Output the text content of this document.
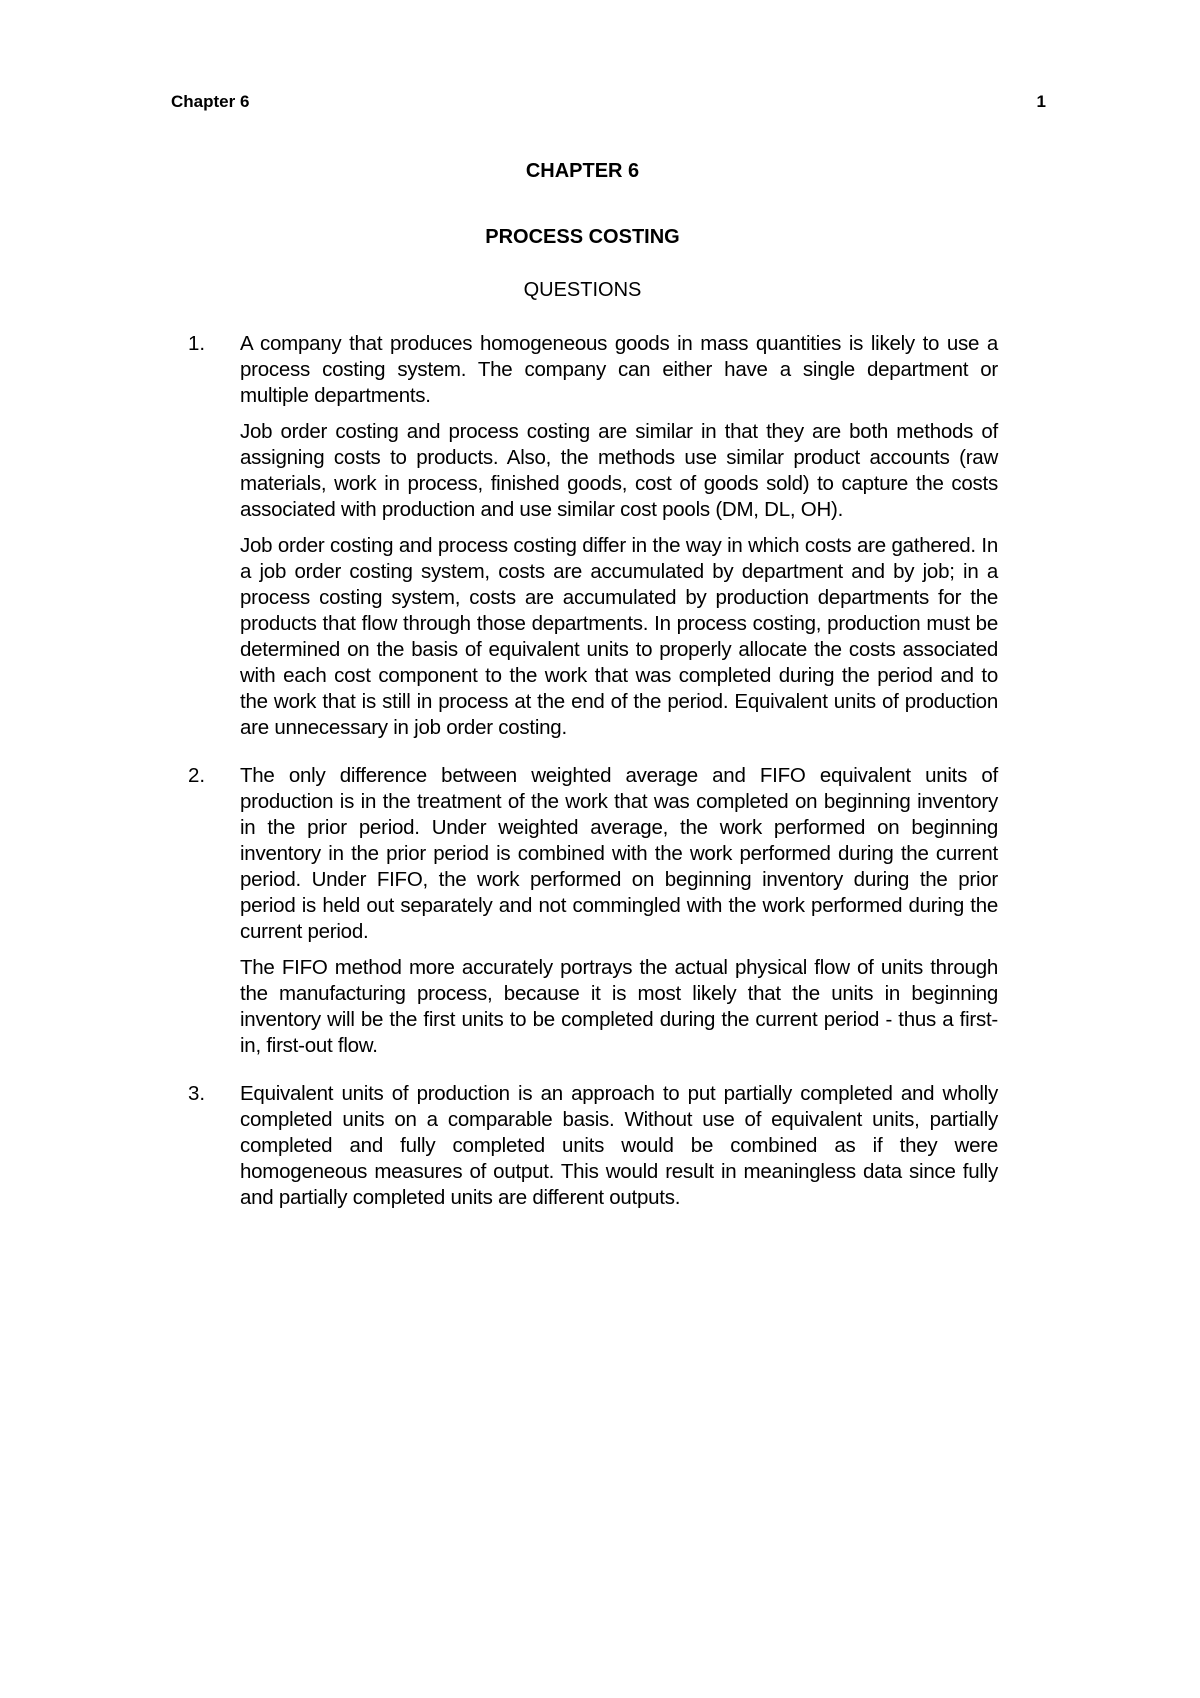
Chapter 6	1
CHAPTER 6
PROCESS COSTING
QUESTIONS
1. A company that produces homogeneous goods in mass quantities is likely to use a process costing system. The company can either have a single department or multiple departments.

Job order costing and process costing are similar in that they are both methods of assigning costs to products. Also, the methods use similar product accounts (raw materials, work in process, finished goods, cost of goods sold) to capture the costs associated with production and use similar cost pools (DM, DL, OH).

Job order costing and process costing differ in the way in which costs are gathered. In a job order costing system, costs are accumulated by department and by job; in a process costing system, costs are accumulated by production departments for the products that flow through those departments. In process costing, production must be determined on the basis of equivalent units to properly allocate the costs associated with each cost component to the work that was completed during the period and to the work that is still in process at the end of the period. Equivalent units of production are unnecessary in job order costing.

2. The only difference between weighted average and FIFO equivalent units of production is in the treatment of the work that was completed on beginning inventory in the prior period. Under weighted average, the work performed on beginning inventory in the prior period is combined with the work performed during the current period. Under FIFO, the work performed on beginning inventory during the prior period is held out separately and not commingled with the work performed during the current period.

The FIFO method more accurately portrays the actual physical flow of units through the manufacturing process, because it is most likely that the units in beginning inventory will be the first units to be completed during the current period - thus a first-in, first-out flow.

3. Equivalent units of production is an approach to put partially completed and wholly completed units on a comparable basis. Without use of equivalent units, partially completed and fully completed units would be combined as if they were homogeneous measures of output. This would result in meaningless data since fully and partially completed units are different outputs.
